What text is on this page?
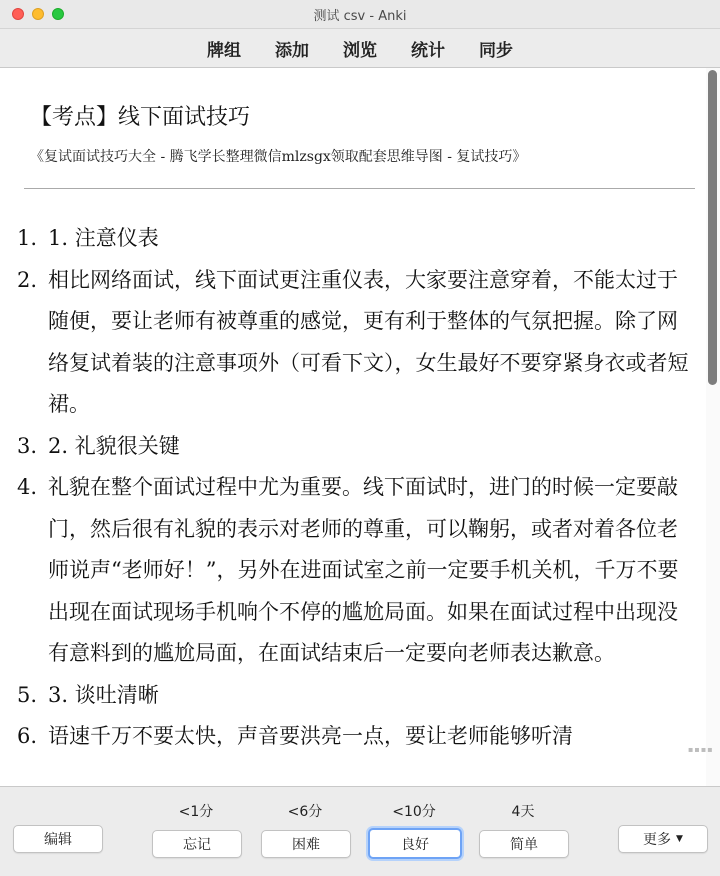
测试 csv - Anki
牌组	添加	浏览	统计	同步
【考点】线下面试技巧
《复试面试技巧大全 - 腾飞学长整理微信mlzsgx领取配套思维导图 - 复试技巧》
1. 1. 注意仪表
2. 相比网络面试，线下面试更注重仪表，大家要注意穿着，不能太过于随便，要让老师有被尊重的感觉，更有利于整体的气氛把握。除了网络复试着装的注意事项外（可看下文），女生最好不要穿紧身衣或者短裙。
3. 2. 礼貌很关键
4. 礼貌在整个面试过程中尤为重要。线下面试时，进门的时候一定要敲门，然后很有礼貌的表示对老师的尊重，可以鞠躬，或者对着各位老师说声“老师好！”，另外在进面试室之前一定要手机关机，千万不要出现在面试现场手机响个不停的尴尬局面。如果在面试过程中出现没有意料到的尴尬局面，在面试结束后一定要向老师表达歉意。
5. 3. 谈吐清晰
6. 语速千万不要太快，声音要洪亮一点，要让老师能够听清
▪▪▪▪
编辑
<1分
忘记
<6分
困难
<10分
良好
4天
简单	更多 ▼
